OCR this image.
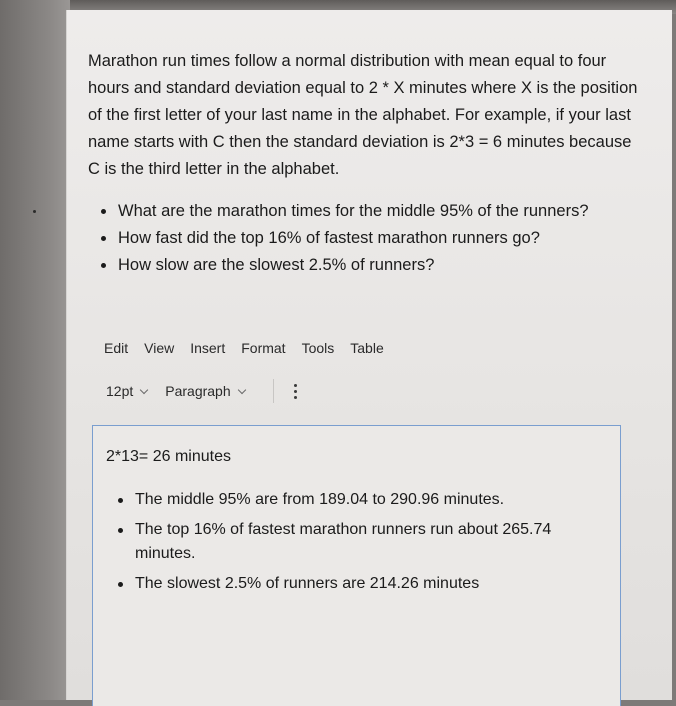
Marathon run times follow a normal distribution with mean equal to four hours and standard deviation equal to 2 * X minutes where X is the position of the first letter of your last name in the alphabet. For example, if your last name starts with C then the standard deviation is 2*3 = 6 minutes because C is the third letter in the alphabet.

What are the marathon times for the middle 95% of the runners?
How fast did the top 16% of fastest marathon runners go?
How slow are the slowest 2.5% of runners?
Edit View Insert Format Tools Table
12pt Paragraph
2*13= 26 minutes
The middle 95% are from 189.04 to 290.96 minutes.
The top 16% of fastest marathon runners run about 265.74 minutes.
The slowest 2.5% of runners are 214.26 minutes
